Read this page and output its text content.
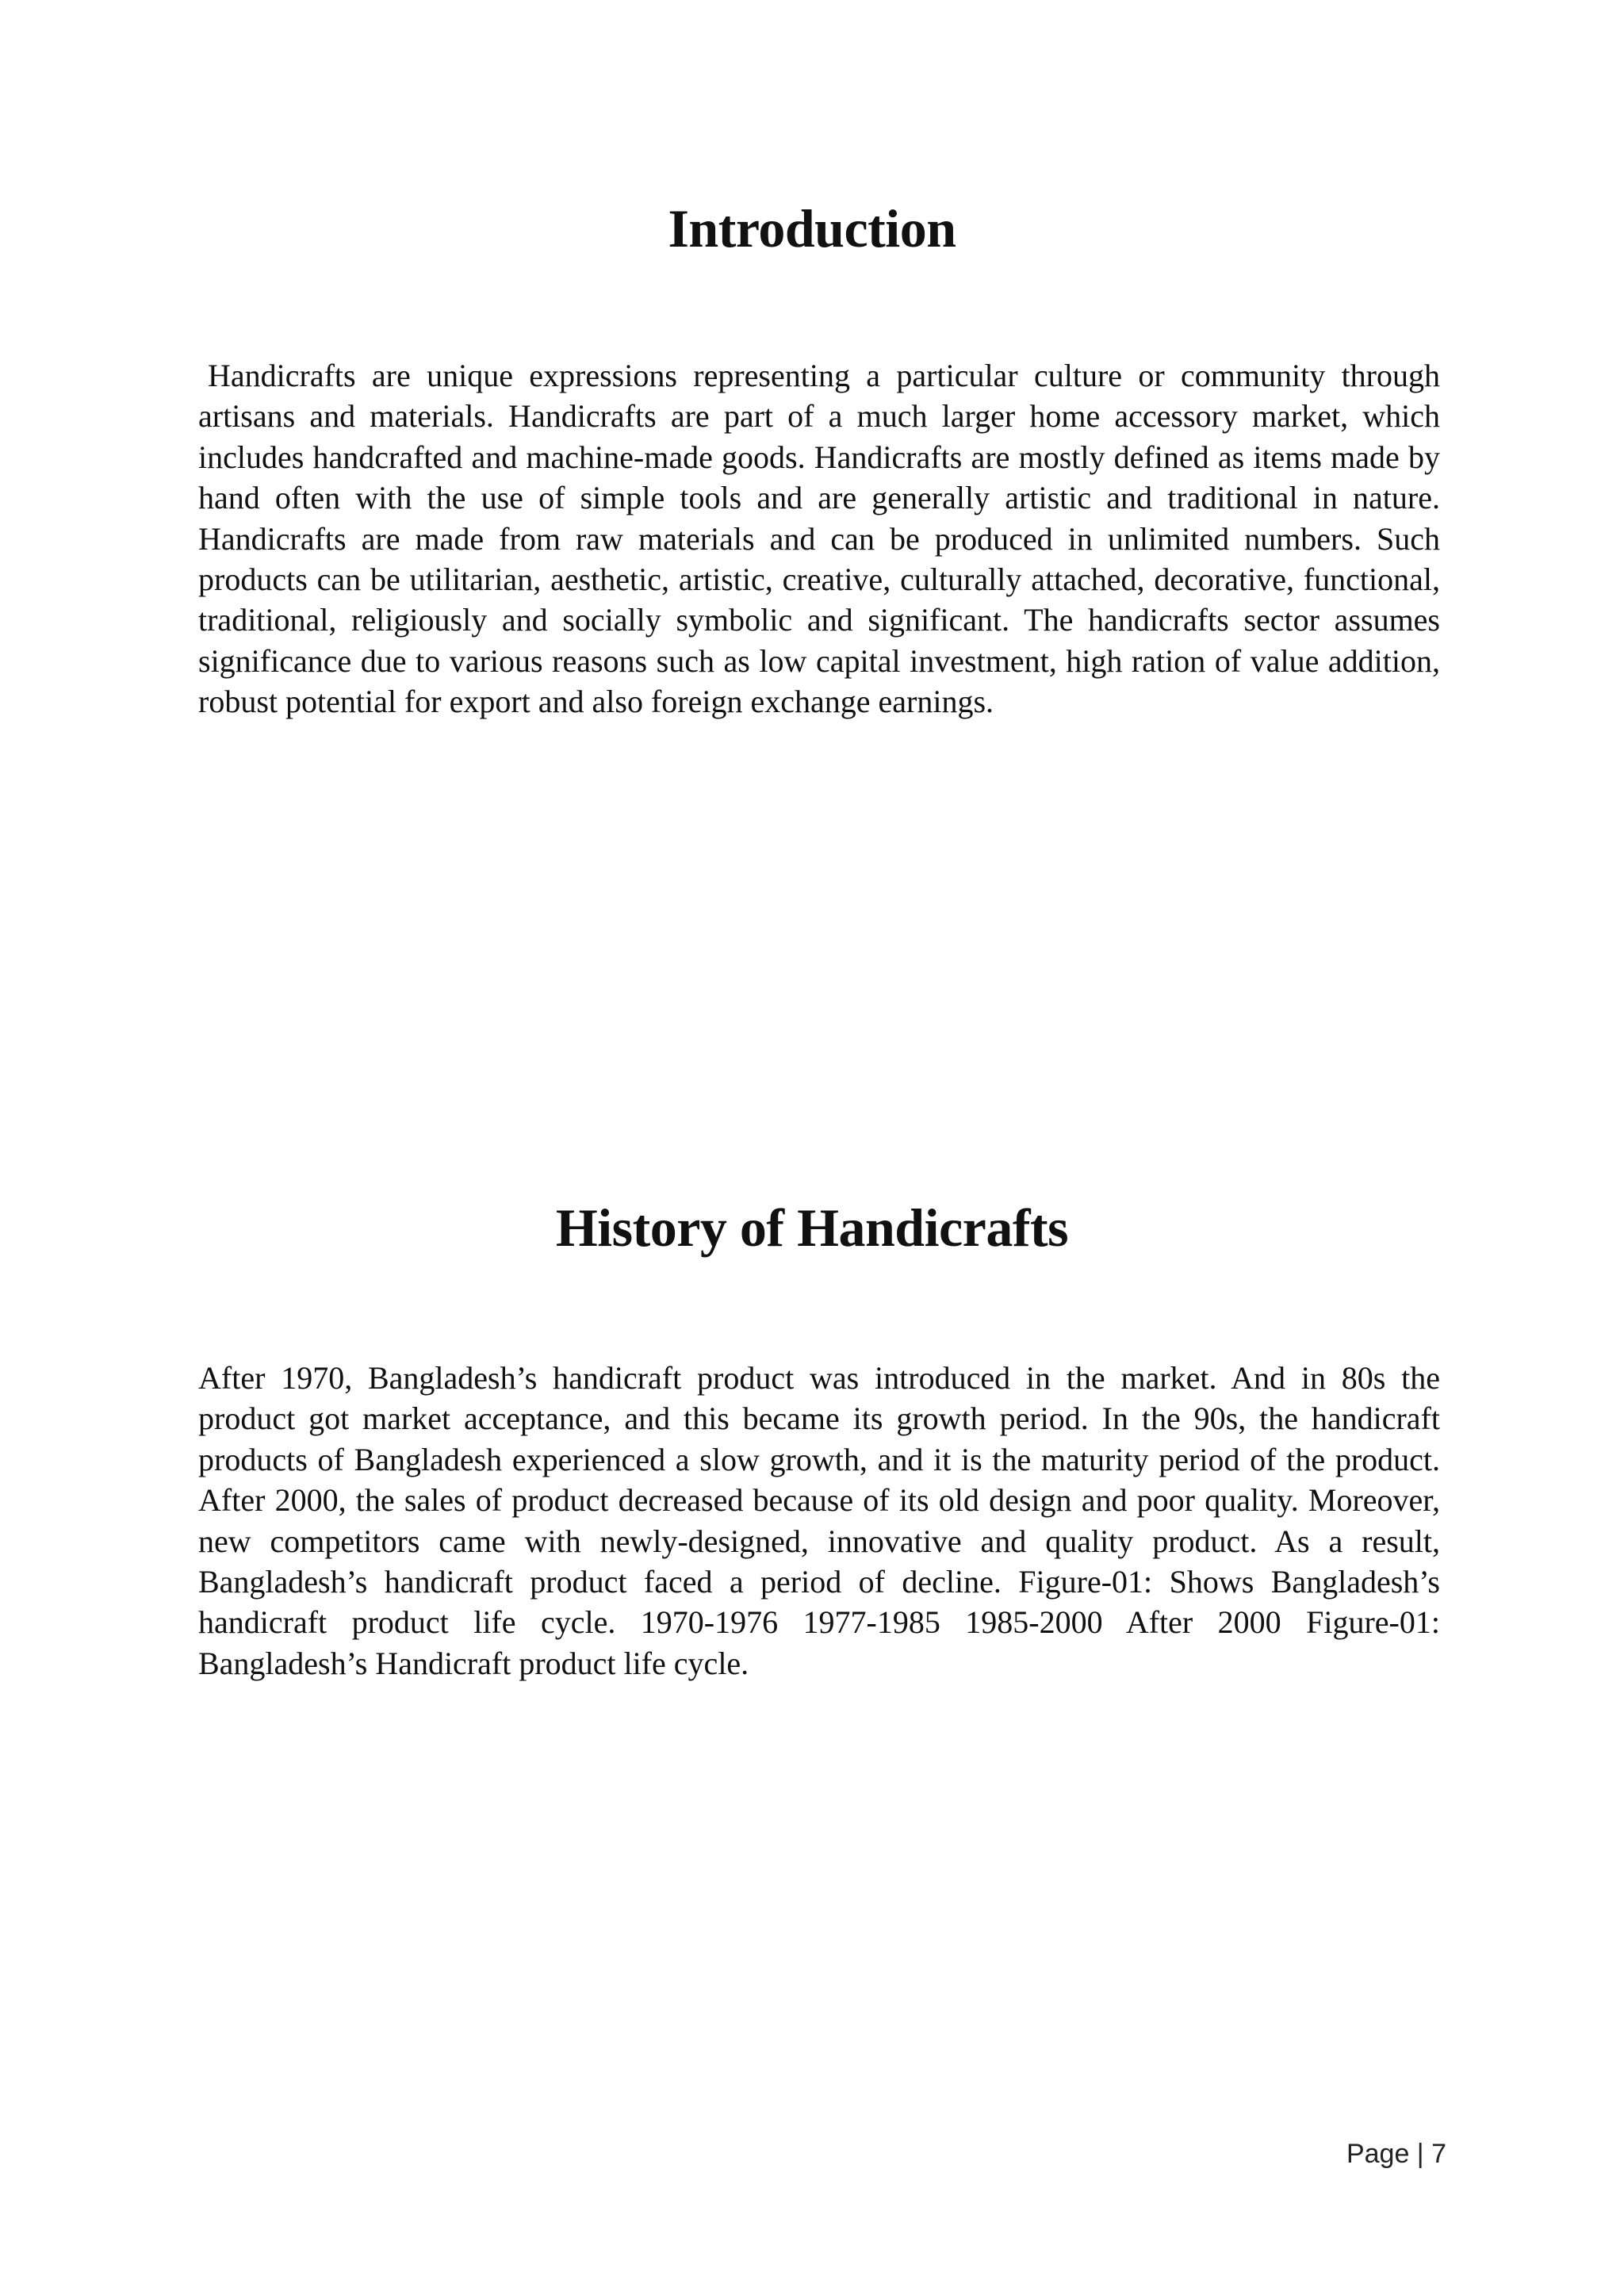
Introduction

Handicrafts are unique expressions representing a particular culture or community through artisans and materials. Handicrafts are part of a much larger home accessory market, which includes handcrafted and machine-made goods. Handicrafts are mostly defined as items made by hand often with the use of simple tools and are generally artistic and traditional in nature. Handicrafts are made from raw materials and can be produced in unlimited numbers. Such products can be utilitarian, aesthetic, artistic, creative, culturally attached, decorative, functional, traditional, religiously and socially symbolic and significant. The handicrafts sector assumes significance due to various reasons such as low capital investment, high ration of value addition, robust potential for export and also foreign exchange earnings.

History of Handicrafts

After 1970, Bangladesh’s handicraft product was introduced in the market. And in 80s the product got market acceptance, and this became its growth period. In the 90s, the handicraft products of Bangladesh experienced a slow growth, and it is the maturity period of the product. After 2000, the sales of product decreased because of its old design and poor quality. Moreover, new competitors came with newly-designed, innovative and quality product. As a result, Bangladesh’s handicraft product faced a period of decline. Figure-01: Shows Bangladesh’s handicraft product life cycle. 1970-1976 1977-1985 1985-2000 After 2000 Figure-01: Bangladesh’s Handicraft product life cycle.

Page | 7
